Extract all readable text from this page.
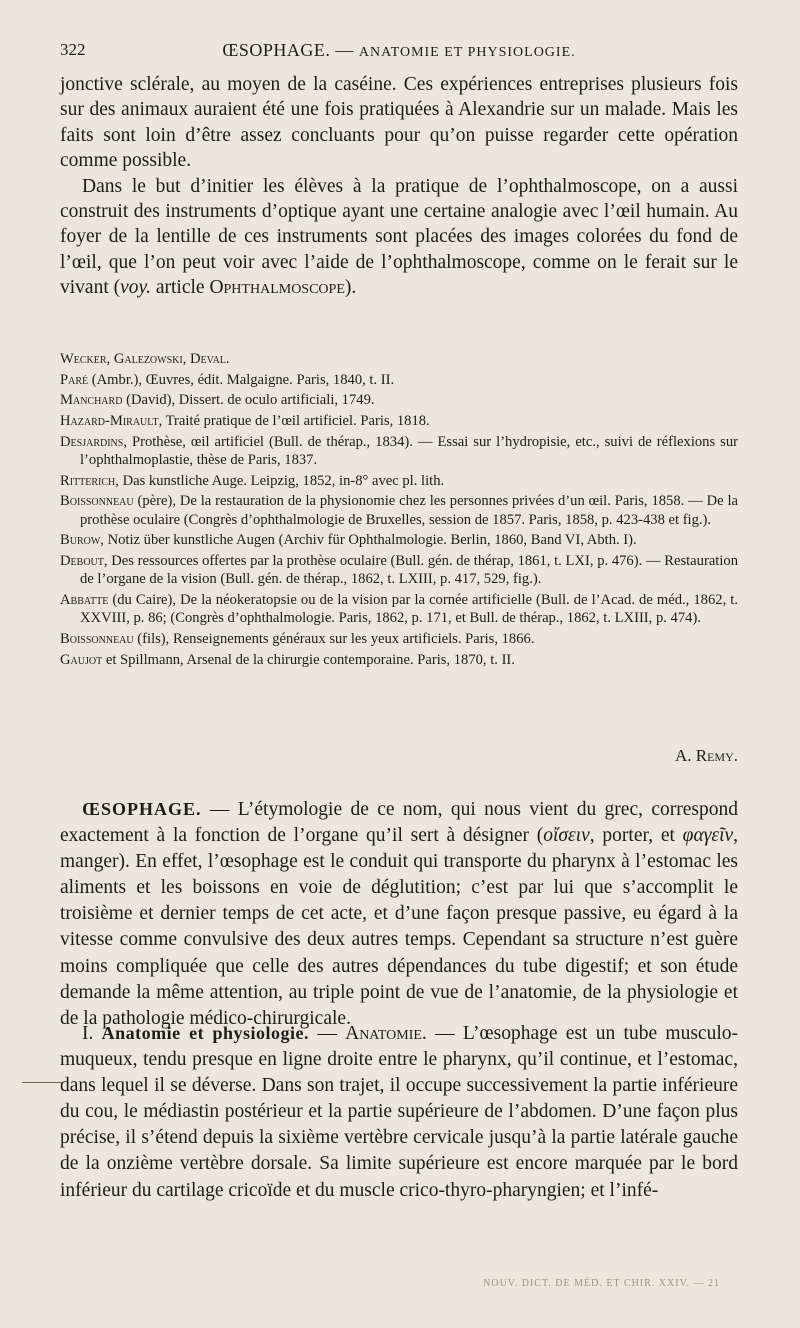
322	ŒSOPHAGE. — ANATOMIE ET PHYSIOLOGIE.

jonctive sclérale, au moyen de la caséine. Ces expériences entreprises plusieurs fois sur des animaux auraient été une fois pratiquées à Alexandrie sur un malade. Mais les faits sont loin d’être assez concluants pour qu’on puisse regarder cette opération comme possible.

Dans le but d’initier les élèves à la pratique de l’ophthalmoscope, on a aussi construit des instruments d’optique ayant une certaine analogie avec l’œil humain. Au foyer de la lentille de ces instruments sont placées des images colorées du fond de l’œil, que l’on peut voir avec l’aide de l’ophthalmoscope, comme on le ferait sur le vivant (voy. article Ophthalmoscope).

Wecker, Galezowski, Deval.
Paré (Ambr.), Œuvres, édit. Malgaigne. Paris, 1840, t. II.
Manchard (David), Dissert. de oculo artificiali, 1749.
Hazard-Mirault, Traité pratique de l’œil artificiel. Paris, 1818.
Desjardins, Prothèse, œil artificiel (Bull. de thérap., 1834). — Essai sur l’hydropisie, etc., suivi de réflexions sur l’ophthalmoplastie, thèse de Paris, 1837.
Ritterich, Das kunstliche Auge. Leipzig, 1852, in-8° avec pl. lith.
Boissonneau (père), De la restauration de la physionomie chez les personnes privées d’un œil. Paris, 1858. — De la prothèse oculaire (Congrès d’ophthalmologie de Bruxelles, session de 1857. Paris, 1858, p. 423-438 et fig.).
Burow, Notiz über kunstliche Augen (Archiv für Ophthalmologie. Berlin, 1860, Band VI, Abth. I).
Debout, Des ressources offertes par la prothèse oculaire (Bull. gén. de thérap, 1861, t. LXI, p. 476). — Restauration de l’organe de la vision (Bull. gén. de thérap., 1862, t. LXIII, p. 417, 529, fig.).
Abbatte (du Caire), De la néokeratopsie ou de la vision par la cornée artificielle (Bull. de l’Acad. de méd., 1862, t. XXVIII, p. 86; (Congrès d’ophthalmologie. Paris, 1862, p. 171, et Bull. de thérap., 1862, t. LXIII, p. 474).
Boissonneau (fils), Renseignements généraux sur les yeux artificiels. Paris, 1866.
Gaujot et Spillmann, Arsenal de la chirurgie contemporaine. Paris, 1870, t. II.
A. Remy.

ŒSOPHAGE. — L’étymologie de ce nom, qui nous vient du grec, correspond exactement à la fonction de l’organe qu’il sert à désigner (οἴσειν, porter, et φαγεῖν, manger). En effet, l’œsophage est le conduit qui transporte du pharynx à l’estomac les aliments et les boissons en voie de déglutition; c’est par lui que s’accomplit le troisième et dernier temps de cet acte, et d’une façon presque passive, eu égard à la vitesse comme convulsive des deux autres temps. Cependant sa structure n’est guère moins compliquée que celle des autres dépendances du tube digestif; et son étude demande la même attention, au triple point de vue de l’anatomie, de la physiologie et de la pathologie médico-chirurgicale.

I. Anatomie et physiologie. — Anatomie. — L’œsophage est un tube musculo-muqueux, tendu presque en ligne droite entre le pharynx, qu’il continue, et l’estomac, dans lequel il se déverse. Dans son trajet, il occupe successivement la partie inférieure du cou, le médiastin postérieur et la partie supérieure de l’abdomen. D’une façon plus précise, il s’étend depuis la sixième vertèbre cervicale jusqu’à la partie latérale gauche de la onzième vertèbre dorsale. Sa limite supérieure est encore marquée par le bord inférieur du cartilage cricoïde et du muscle crico-thyro-pharyngien; et l’infé-

NOUV. DICT. DE MÉD. ET CHIR. XXIV. — 21
